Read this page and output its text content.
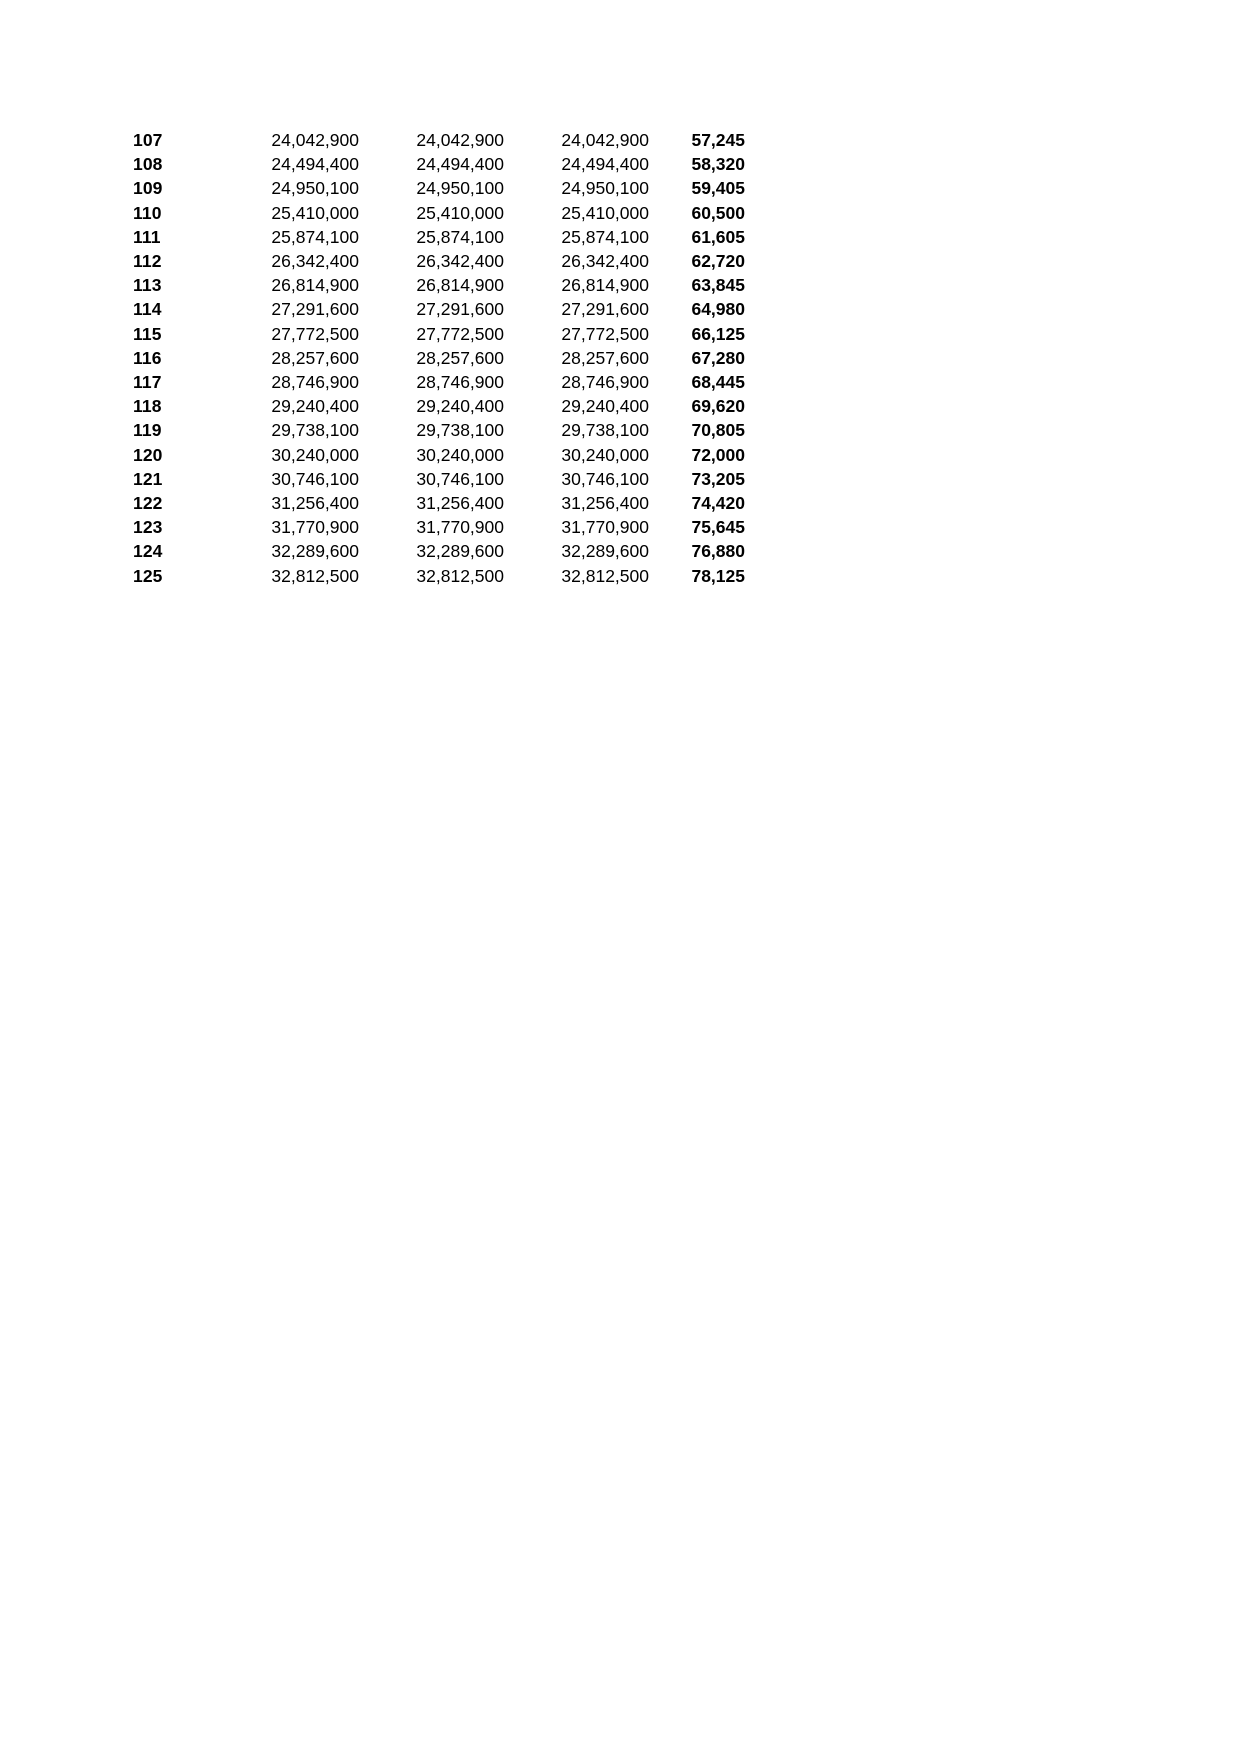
107	24,042,900	24,042,900	24,042,900	57,245
108	24,494,400	24,494,400	24,494,400	58,320
109	24,950,100	24,950,100	24,950,100	59,405
110	25,410,000	25,410,000	25,410,000	60,500
111	25,874,100	25,874,100	25,874,100	61,605
112	26,342,400	26,342,400	26,342,400	62,720
113	26,814,900	26,814,900	26,814,900	63,845
114	27,291,600	27,291,600	27,291,600	64,980
115	27,772,500	27,772,500	27,772,500	66,125
116	28,257,600	28,257,600	28,257,600	67,280
117	28,746,900	28,746,900	28,746,900	68,445
118	29,240,400	29,240,400	29,240,400	69,620
119	29,738,100	29,738,100	29,738,100	70,805
120	30,240,000	30,240,000	30,240,000	72,000
121	30,746,100	30,746,100	30,746,100	73,205
122	31,256,400	31,256,400	31,256,400	74,420
123	31,770,900	31,770,900	31,770,900	75,645
124	32,289,600	32,289,600	32,289,600	76,880
125	32,812,500	32,812,500	32,812,500	78,125
